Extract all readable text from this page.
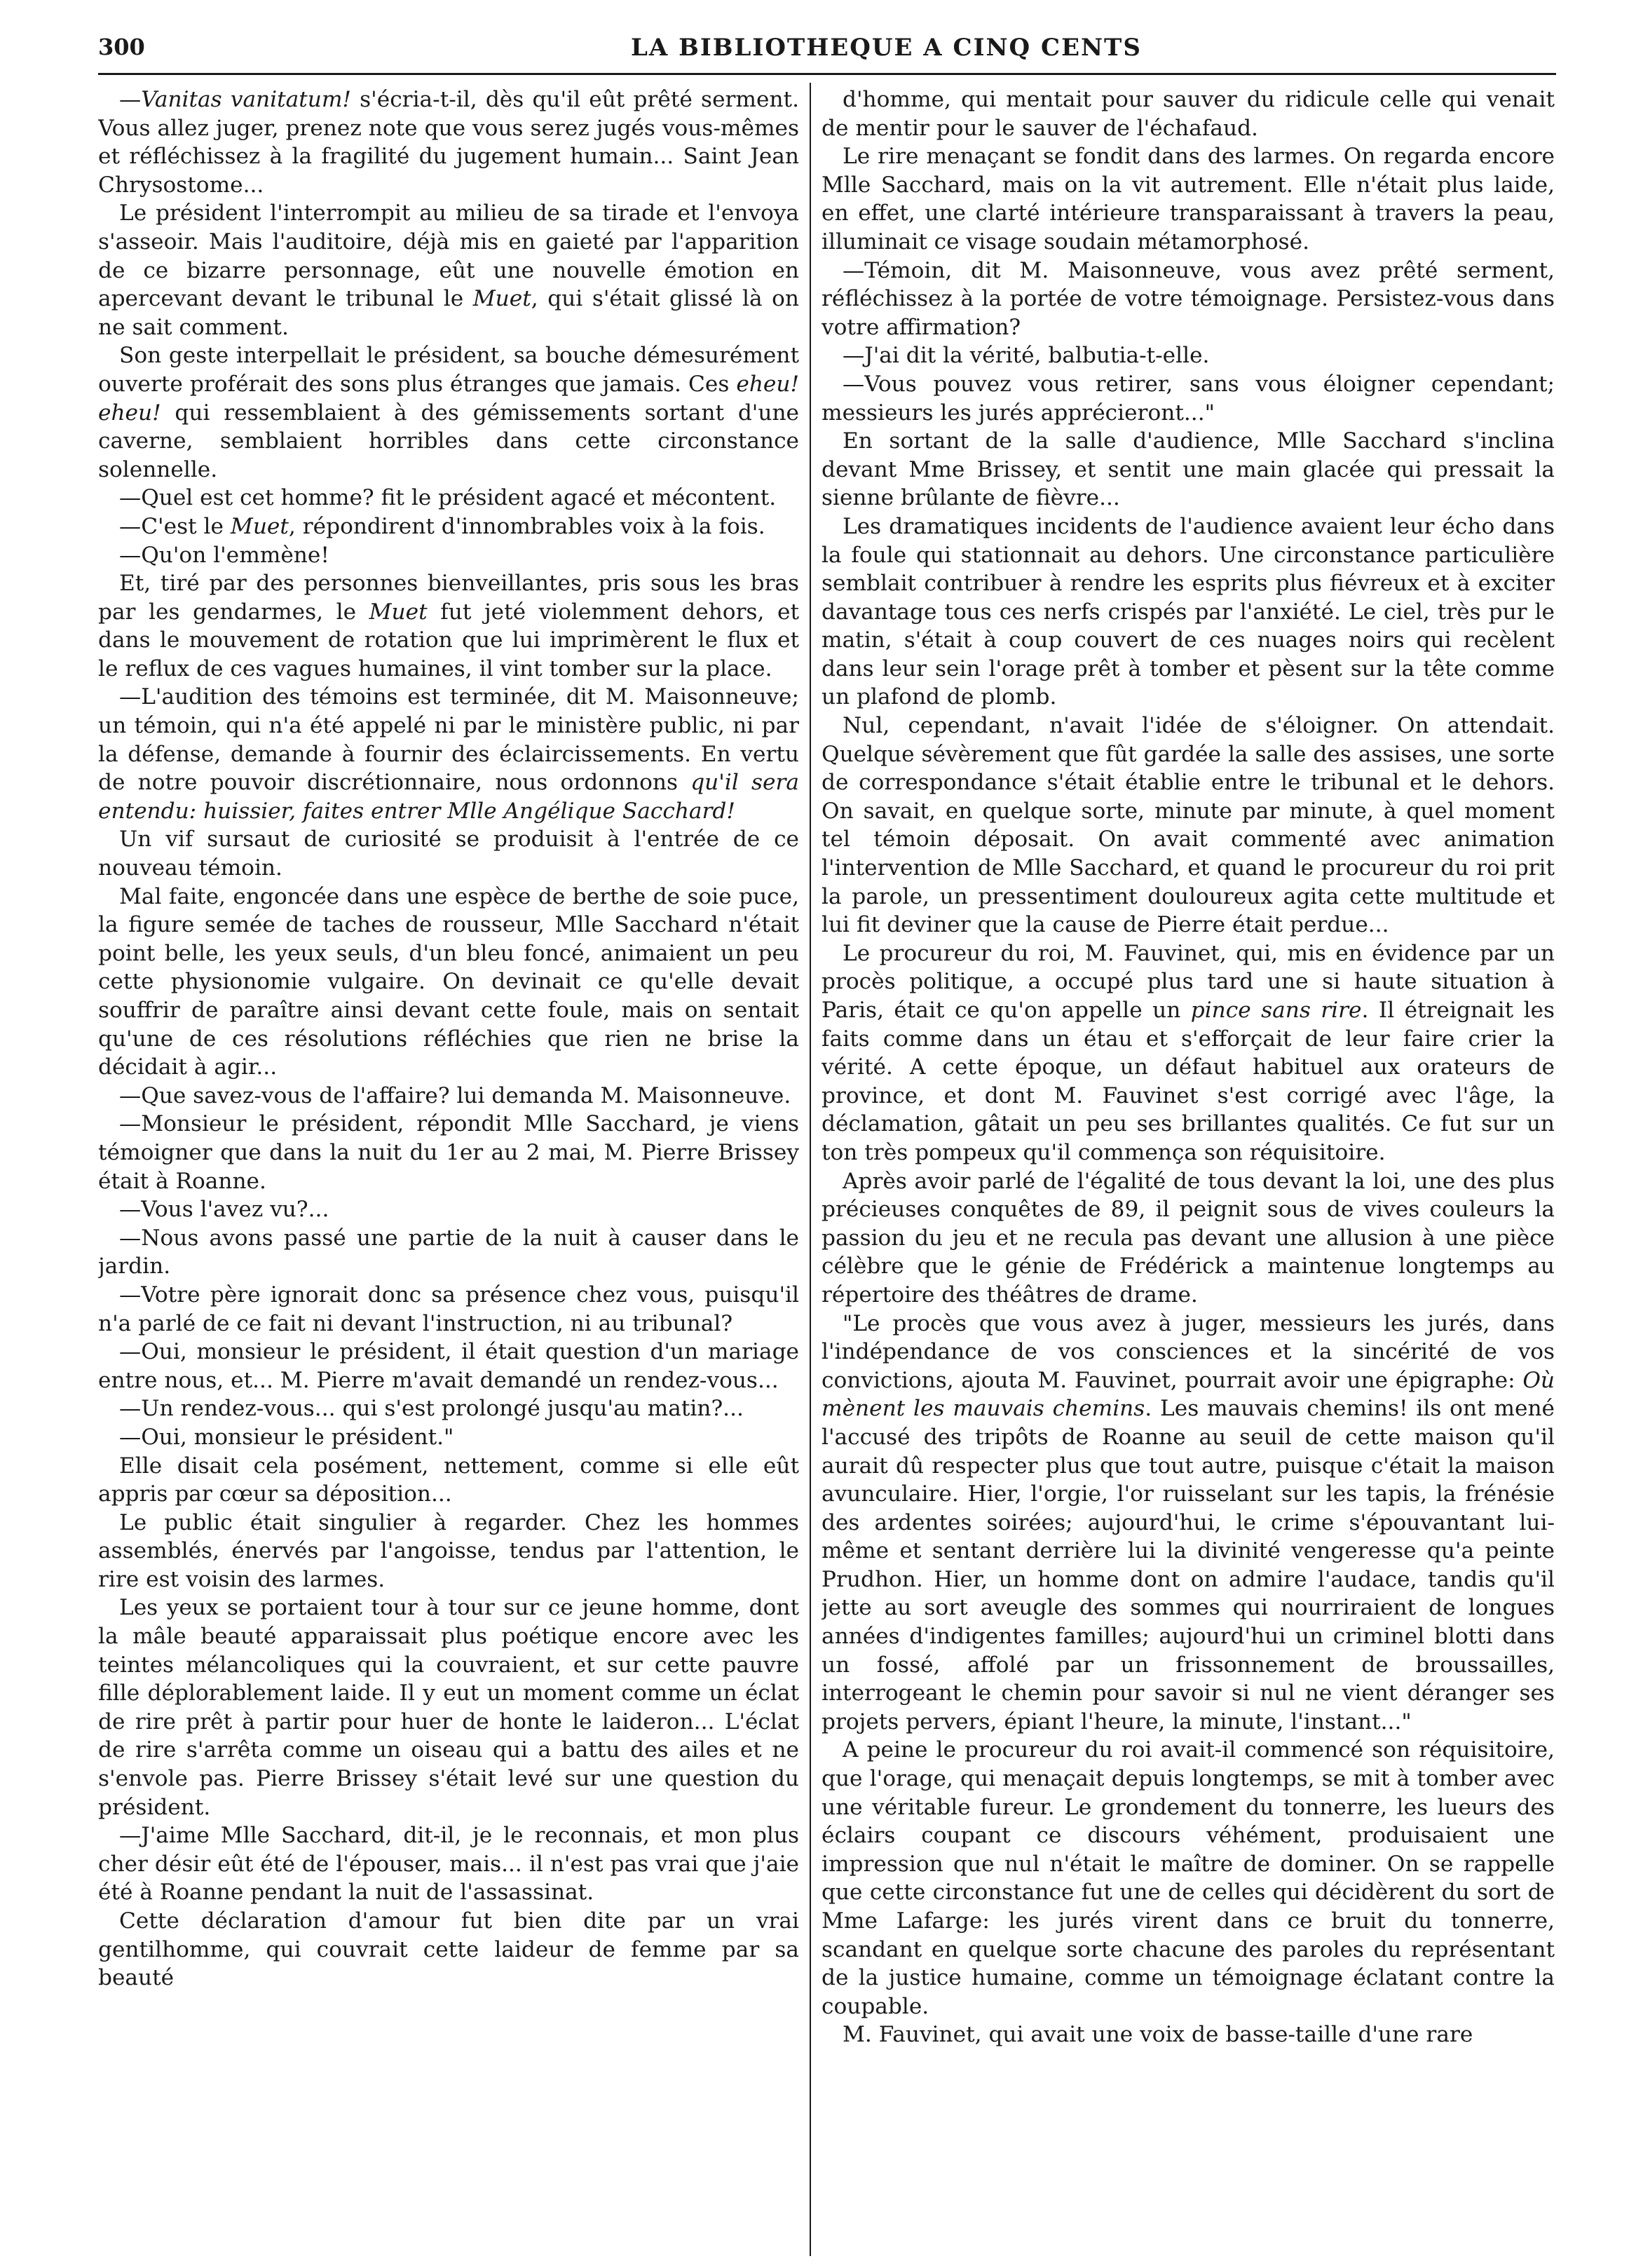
300	LA BIBLIOTHEQUE A CINQ CENTS

—Vanitas vanitatum! s'écria-t-il, dès qu'il eût prêté serment. Vous allez juger, prenez note que vous serez jugés vous-mêmes et réfléchissez à la fragilité du jugement humain... Saint Jean Chrysostome...

Le président l'interrompit au milieu de sa tirade et l'envoya s'asseoir. Mais l'auditoire, déjà mis en gaieté par l'apparition de ce bizarre personnage, eût une nouvelle émotion en apercevant devant le tribunal le Muet, qui s'était glissé là on ne sait comment.

Son geste interpellait le président, sa bouche démesurément ouverte proférait des sons plus étranges que jamais. Ces eheu! eheu! qui ressemblaient à des gémissements sortant d'une caverne, semblaient horribles dans cette circonstance solennelle.

—Quel est cet homme? fit le président agacé et mécontent.

—C'est le Muet, répondirent d'innombrables voix à la fois.

—Qu'on l'emmène!

Et, tiré par des personnes bienveillantes, pris sous les bras par les gendarmes, le Muet fut jeté violemment dehors, et dans le mouvement de rotation que lui imprimèrent le flux et le reflux de ces vagues humaines, il vint tomber sur la place.

—L'audition des témoins est terminée, dit M. Maisonneuve; un témoin, qui n'a été appelé ni par le ministère public, ni par la défense, demande à fournir des éclaircissements. En vertu de notre pouvoir discrétionnaire, nous ordonnons qu'il sera entendu: huissier, faites entrer Mlle Angélique Sacchard!

Un vif sursaut de curiosité se produisit à l'entrée de ce nouveau témoin.

Mal faite, engoncée dans une espèce de berthe de soie puce, la figure semée de taches de rousseur, Mlle Sacchard n'était point belle, les yeux seuls, d'un bleu foncé, animaient un peu cette physionomie vulgaire. On devinait ce qu'elle devait souffrir de paraître ainsi devant cette foule, mais on sentait qu'une de ces résolutions réfléchies que rien ne brise la décidait à agir...

—Que savez-vous de l'affaire? lui demanda M. Maisonneuve.

—Monsieur le président, répondit Mlle Sacchard, je viens témoigner que dans la nuit du 1er au 2 mai, M. Pierre Brissey était à Roanne.

—Vous l'avez vu?...

—Nous avons passé une partie de la nuit à causer dans le jardin.

—Votre père ignorait donc sa présence chez vous, puisqu'il n'a parlé de ce fait ni devant l'instruction, ni au tribunal?

—Oui, monsieur le président, il était question d'un mariage entre nous, et... M. Pierre m'avait demandé un rendez-vous...

—Un rendez-vous... qui s'est prolongé jusqu'au matin?...

—Oui, monsieur le président."

Elle disait cela posément, nettement, comme si elle eût appris par cœur sa déposition...

Le public était singulier à regarder. Chez les hommes assemblés, énervés par l'angoisse, tendus par l'attention, le rire est voisin des larmes.

Les yeux se portaient tour à tour sur ce jeune homme, dont la mâle beauté apparaissait plus poétique encore avec les teintes mélancoliques qui la couvraient, et sur cette pauvre fille déplorablement laide. Il y eut un moment comme un éclat de rire prêt à partir pour huer de honte le laideron... L'éclat de rire s'arrêta comme un oiseau qui a battu des ailes et ne s'envole pas. Pierre Brissey s'était levé sur une question du président.

—J'aime Mlle Sacchard, dit-il, je le reconnais, et mon plus cher désir eût été de l'épouser, mais... il n'est pas vrai que j'aie été à Roanne pendant la nuit de l'assassinat.

Cette déclaration d'amour fut bien dite par un vrai gentilhomme, qui couvrait cette laideur de femme par sa beauté

d'homme, qui mentait pour sauver du ridicule celle qui venait de mentir pour le sauver de l'échafaud.

Le rire menaçant se fondit dans des larmes. On regarda encore Mlle Sacchard, mais on la vit autrement. Elle n'était plus laide, en effet, une clarté intérieure transparaissant à travers la peau, illuminait ce visage soudain métamorphosé.

—Témoin, dit M. Maisonneuve, vous avez prêté serment, réfléchissez à la portée de votre témoignage. Persistez-vous dans votre affirmation?

—J'ai dit la vérité, balbutia-t-elle.

—Vous pouvez vous retirer, sans vous éloigner cependant; messieurs les jurés apprécieront..."

En sortant de la salle d'audience, Mlle Sacchard s'inclina devant Mme Brissey, et sentit une main glacée qui pressait la sienne brûlante de fièvre...

Les dramatiques incidents de l'audience avaient leur écho dans la foule qui stationnait au dehors. Une circonstance particulière semblait contribuer à rendre les esprits plus fiévreux et à exciter davantage tous ces nerfs crispés par l'anxiété. Le ciel, très pur le matin, s'était à coup couvert de ces nuages noirs qui recèlent dans leur sein l'orage prêt à tomber et pèsent sur la tête comme un plafond de plomb.

Nul, cependant, n'avait l'idée de s'éloigner. On attendait. Quelque sévèrement que fût gardée la salle des assises, une sorte de correspondance s'était établie entre le tribunal et le dehors. On savait, en quelque sorte, minute par minute, à quel moment tel témoin déposait. On avait commenté avec animation l'intervention de Mlle Sacchard, et quand le procureur du roi prit la parole, un pressentiment douloureux agita cette multitude et lui fit deviner que la cause de Pierre était perdue...

Le procureur du roi, M. Fauvinet, qui, mis en évidence par un procès politique, a occupé plus tard une si haute situation à Paris, était ce qu'on appelle un pince sans rire. Il étreignait les faits comme dans un étau et s'efforçait de leur faire crier la vérité. A cette époque, un défaut habituel aux orateurs de province, et dont M. Fauvinet s'est corrigé avec l'âge, la déclamation, gâtait un peu ses brillantes qualités. Ce fut sur un ton très pompeux qu'il commença son réquisitoire.

Après avoir parlé de l'égalité de tous devant la loi, une des plus précieuses conquêtes de 89, il peignit sous de vives couleurs la passion du jeu et ne recula pas devant une allusion à une pièce célèbre que le génie de Frédérick a maintenue longtemps au répertoire des théâtres de drame.

"Le procès que vous avez à juger, messieurs les jurés, dans l'indépendance de vos consciences et la sincérité de vos convictions, ajouta M. Fauvinet, pourrait avoir une épigraphe: Où mènent les mauvais chemins. Les mauvais chemins! ils ont mené l'accusé des tripôts de Roanne au seuil de cette maison qu'il aurait dû respecter plus que tout autre, puisque c'était la maison avunculaire. Hier, l'orgie, l'or ruisselant sur les tapis, la frénésie des ardentes soirées; aujourd'hui, le crime s'épouvantant lui-même et sentant derrière lui la divinité vengeresse qu'a peinte Prudhon. Hier, un homme dont on admire l'audace, tandis qu'il jette au sort aveugle des sommes qui nourriraient de longues années d'indigentes familles; aujourd'hui un criminel blotti dans un fossé, affolé par un frissonnement de broussailles, interrogeant le chemin pour savoir si nul ne vient déranger ses projets pervers, épiant l'heure, la minute, l'instant..."

A peine le procureur du roi avait-il commencé son réquisitoire, que l'orage, qui menaçait depuis longtemps, se mit à tomber avec une véritable fureur. Le grondement du tonnerre, les lueurs des éclairs coupant ce discours véhément, produisaient une impression que nul n'était le maître de dominer. On se rappelle que cette circonstance fut une de celles qui décidèrent du sort de Mme Lafarge: les jurés virent dans ce bruit du tonnerre, scandant en quelque sorte chacune des paroles du représentant de la justice humaine, comme un témoignage éclatant contre la coupable.

M. Fauvinet, qui avait une voix de basse-taille d'une rare
